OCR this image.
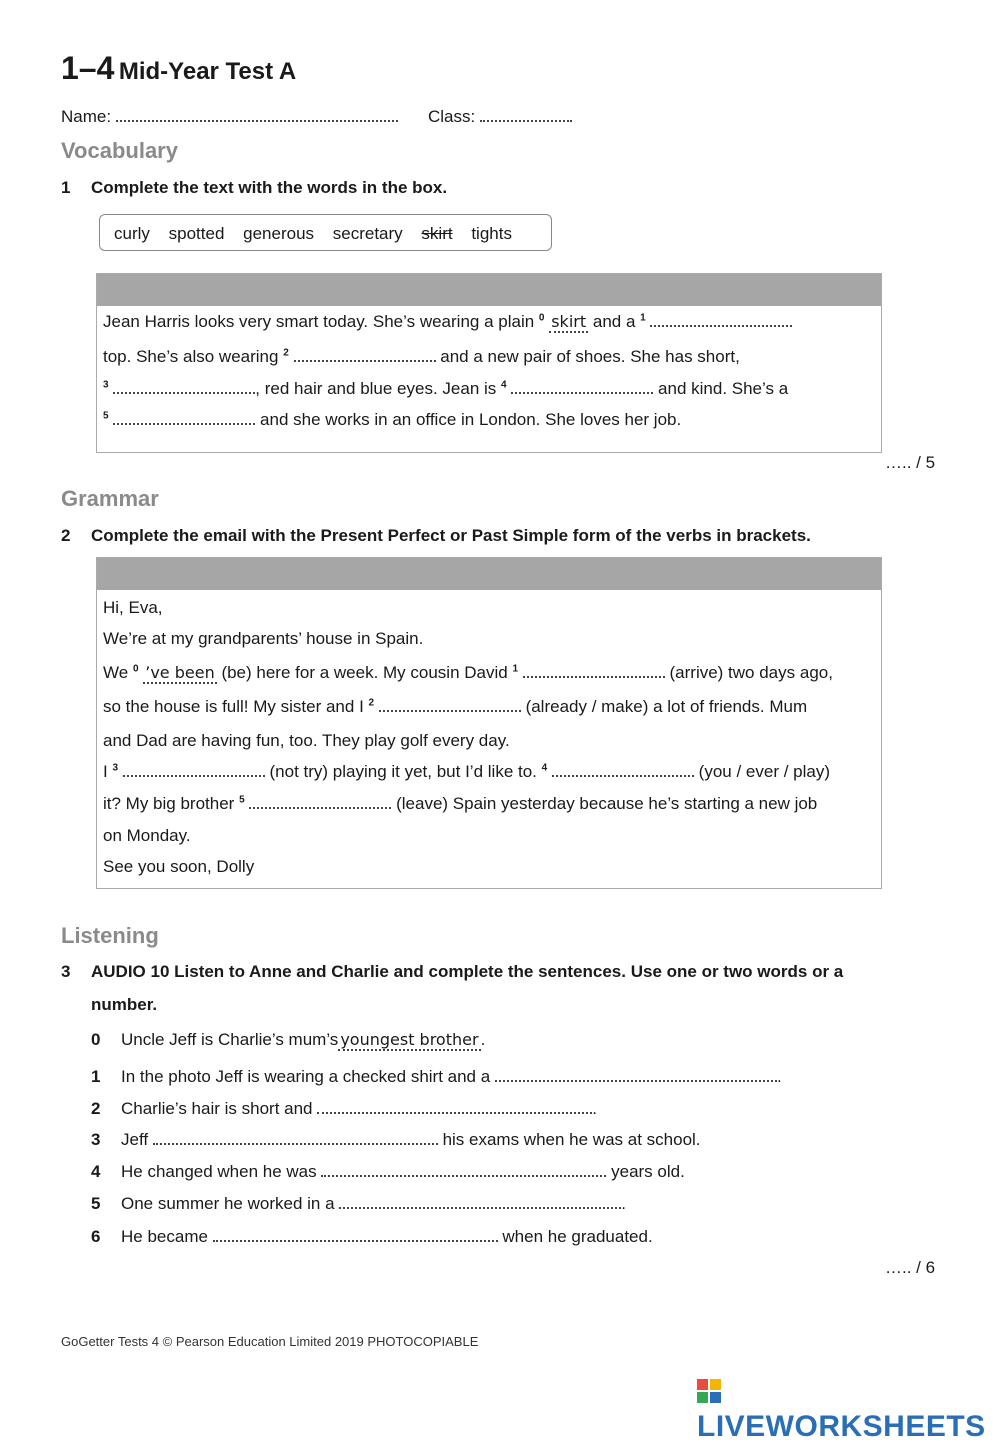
1–4 Mid-Year Test A
Name:	Class:
Vocabulary
1 Complete the text with the words in the box.
curly spotted generous secretary skirt tights
Jean Harris looks very smart today. She’s wearing a plain $^0$ skirt and a $^1$
top. She’s also wearing $^2$	and a new pair of shoes. She has short,
$^3$	, red hair and blue eyes. Jean is $^4$	and kind. She’s a
$^5$	and she works in an office in London. She loves her job.
….. / 5
Grammar
2 Complete the email with the Present Perfect or Past Simple form of the verbs in brackets.
Hi, Eva,
We’re at my grandparents’ house in Spain.
We $^0$ ’ve been (be) here for a week. My cousin David $^1$	(arrive) two days ago,
so the house is full! My sister and I $^2$	(already / make) a lot of friends. Mum
and Dad are having fun, too. They play golf every day.
I $^3$	(not try) playing it yet, but I’d like to. $^4$	(you / ever / play)
it? My big brother $^5$	(leave) Spain yesterday because he’s starting a new job
on Monday.
See you soon, Dolly
Listening
3 AUDIO 10 Listen to Anne and Charlie and complete the sentences. Use one or two words or a
number.
0 Uncle Jeff is Charlie’s mum’s youngest brother .
1 In the photo Jeff is wearing a checked shirt and a	.
2 Charlie’s hair is short and	.
3 Jeff	his exams when he was at school.
4 He changed when he was	years old.
5 One summer he worked in a	.
6 He became	when he graduated.
….. / 6
GoGetter Tests 4 © Pearson Education Limited 2019 PHOTOCOPIABLE
LIVEWORKSHEETS
